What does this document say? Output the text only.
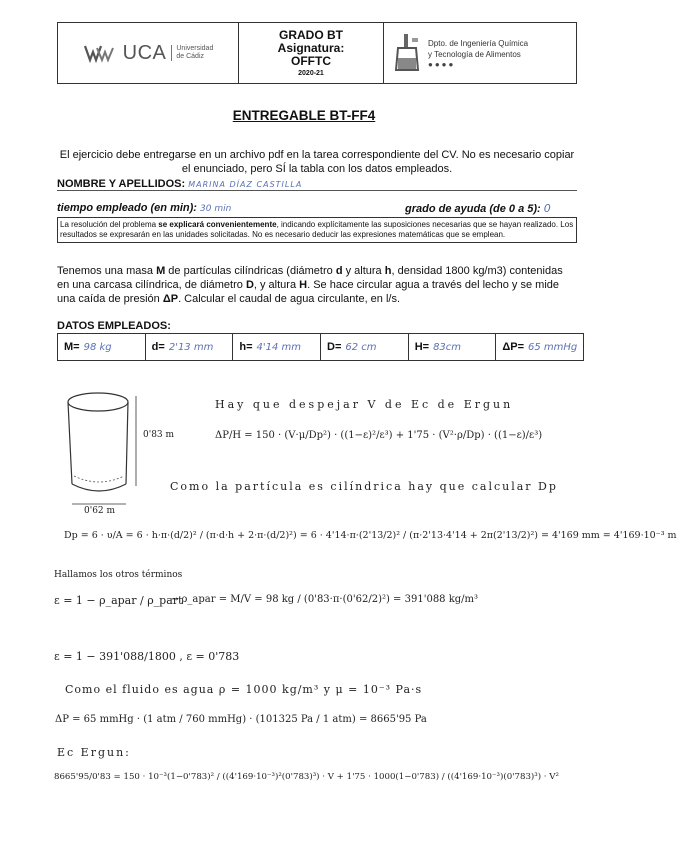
UCA	Universidad
de Cádiz
GRADO BT
Asignatura:
OFFTC
2020-21
Dpto. de Ingeniería Química
y Tecnología de Alimentos
●●●●
ENTREGABLE BT-FF4
El ejercicio debe entregarse en un archivo pdf en la tarea correspondiente del CV. No es necesario copiar el enunciado, pero SÍ la tabla con los datos empleados.
NOMBRE Y APELLIDOS: MARINA DÍAZ CASTILLA
tiempo empleado (en min): 30 min	grado de ayuda (de 0 a 5): 0
La resolución del problema se explicará convenientemente, indicando explícitamente las suposiciones necesarias que se hayan realizado. Los resultados se expresarán en las unidades solicitadas. No es necesario deducir las expresiones matemáticas que se emplean.
Tenemos una masa M de partículas cilíndricas (diámetro d y altura h, densidad 1800 kg/m3) contenidas en una carcasa cilíndrica, de diámetro D, y altura H. Se hace circular agua a través del lecho y se mide una caída de presión ΔP. Calcular el caudal de agua circulante, en l/s.
DATOS EMPLEADOS:
M= 98 kg	d= 2'13 mm h= 4'14 mm D= 62 cm	H= 83cm	ΔP= 65 mmHg
0'83 m
0'62 m
Hay que despejar V de Ec de Ergun
ΔP/H = 150 · (V·μ/Dp²) · ((1−ε)²/ε³) + 1'75 · (V²·ρ/Dp) · ((1−ε)/ε³)
Como la partícula es cilíndrica hay que calcular Dp
Dp = 6 · υ/A = 6 · h·π·(d/2)² / (π·d·h + 2·π·(d/2)²) = 6 · 4'14·π·(2'13/2)² / (π·2'13·4'14 + 2π(2'13/2)²) = 4'169 mm = 4'169·10⁻³ m
Hallamos los otros términos
ε = 1 − ρ_apar / ρ_part
→ ρ_apar = M/V = 98 kg / (0'83·π·(0'62/2)²) = 391'088 kg/m³
ε = 1 − 391'088/1800 , ε = 0'783
Como el fluido es agua ρ = 1000 kg/m³ y μ = 10⁻³ Pa·s
ΔP = 65 mmHg · (1 atm / 760 mmHg) · (101325 Pa / 1 atm) = 8665'95 Pa
Ec Ergun:
8665'95/0'83 = 150 · 10⁻³(1−0'783)² / ((4'169·10⁻³)²(0'783)³) · V + 1'75 · 1000(1−0'783) / ((4'169·10⁻³)(0'783)³) · V²
